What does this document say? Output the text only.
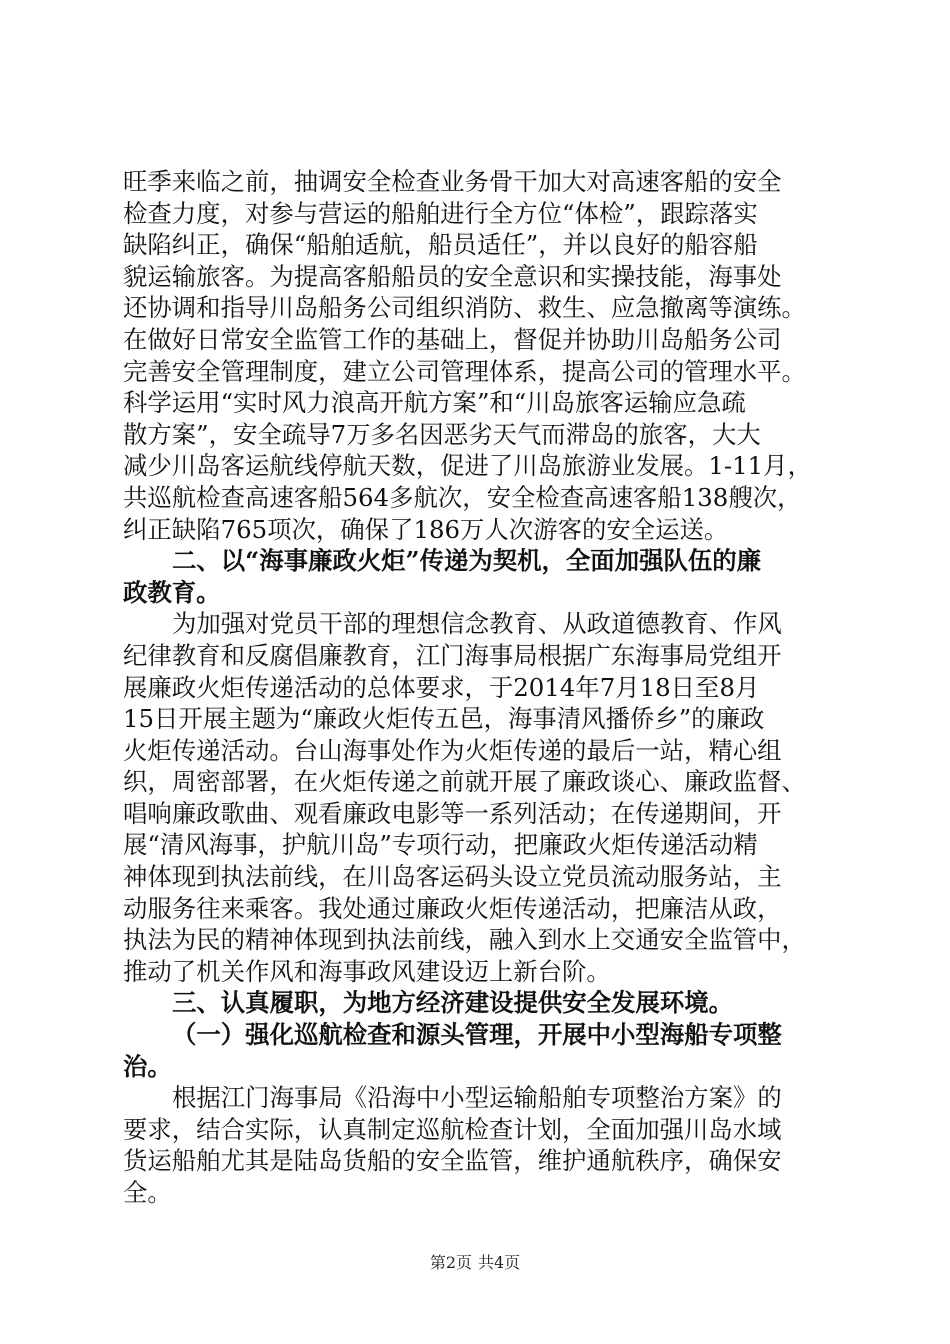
旺季来临之前，抽调安全检查业务骨干加大对高速客船的安全
检查力度，对参与营运的船舶进行全方位“体检”，跟踪落实
缺陷纠正，确保“船舶适航，船员适任”，并以良好的船容船
貌运输旅客。为提高客船船员的安全意识和实操技能，海事处
还协调和指导川岛船务公司组织消防、救生、应急撤离等演练。
在做好日常安全监管工作的基础上，督促并协助川岛船务公司
完善安全管理制度，建立公司管理体系，提高公司的管理水平。
科学运用“实时风力浪高开航方案”和“川岛旅客运输应急疏
散方案”，安全疏导7万多名因恶劣天气而滞岛的旅客，大大
减少川岛客运航线停航天数，促进了川岛旅游业发展。1-11月，
共巡航检查高速客船564多航次，安全检查高速客船138艘次，
纠正缺陷765项次，确保了186万人次游客的安全运送。
二、以“海事廉政火炬”传递为契机，全面加强队伍的廉
政教育。
为加强对党员干部的理想信念教育、从政道德教育、作风
纪律教育和反腐倡廉教育，江门海事局根据广东海事局党组开
展廉政火炬传递活动的总体要求，于2014年7月18日至8月
15日开展主题为“廉政火炬传五邑，海事清风播侨乡”的廉政
火炬传递活动。台山海事处作为火炬传递的最后一站，精心组
织，周密部署，在火炬传递之前就开展了廉政谈心、廉政监督、
唱响廉政歌曲、观看廉政电影等一系列活动；在传递期间，开
展“清风海事，护航川岛”专项行动，把廉政火炬传递活动精
神体现到执法前线，在川岛客运码头设立党员流动服务站，主
动服务往来乘客。我处通过廉政火炬传递活动，把廉洁从政，
执法为民的精神体现到执法前线，融入到水上交通安全监管中，
推动了机关作风和海事政风建设迈上新台阶。
三、认真履职，为地方经济建设提供安全发展环境。
（一）强化巡航检查和源头管理，开展中小型海船专项整
治。
根据江门海事局《沿海中小型运输船舶专项整治方案》的
要求，结合实际，认真制定巡航检查计划，全面加强川岛水域
货运船舶尤其是陆岛货船的安全监管，维护通航秩序，确保安
全。
第2页 共4页
